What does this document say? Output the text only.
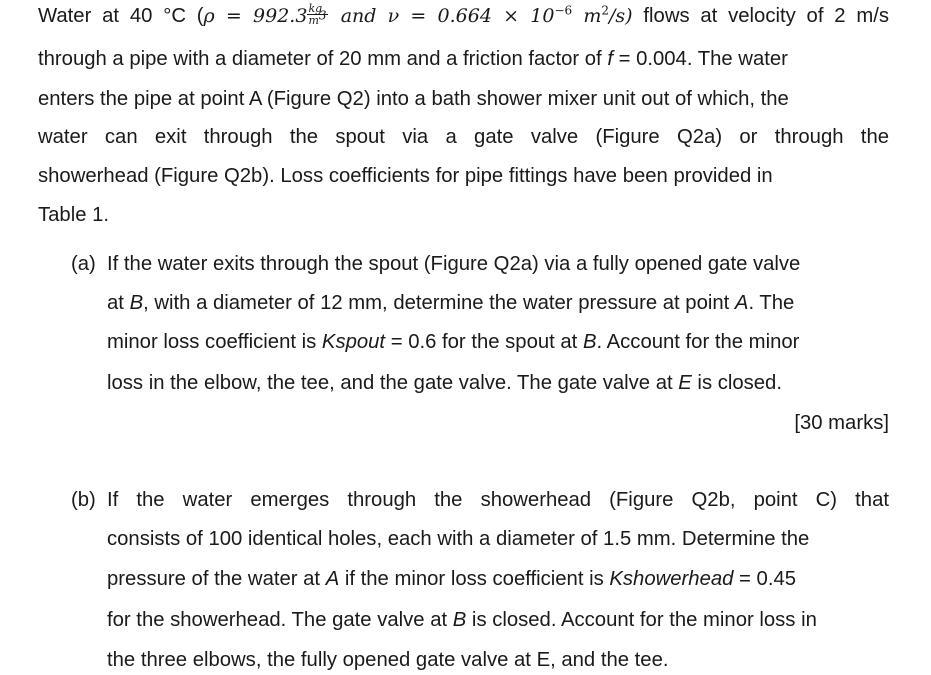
Water at 40 °C ($\rho = 992.3 \frac{kg}{m^3}$ and $\nu = 0.664 \times 10^{-6}$ $m^2/s$) flows at velocity of 2 m/s
through a pipe with a diameter of 20 mm and a friction factor of f = 0.004. The water
enters the pipe at point A (Figure Q2) into a bath shower mixer unit out of which, the
water can exit through the spout via a gate valve (Figure Q2a) or through the
showerhead (Figure Q2b). Loss coefficients for pipe fittings have been provided in
Table 1.
(a) If the water exits through the spout (Figure Q2a) via a fully opened gate valve
at B, with a diameter of 12 mm, determine the water pressure at point A. The
minor loss coefficient is Kspout = 0.6 for the spout at B. Account for the minor
loss in the elbow, the tee, and the gate valve. The gate valve at E is closed.
[30 marks]
(b) If the water emerges through the showerhead (Figure Q2b, point C) that
consists of 100 identical holes, each with a diameter of 1.5 mm. Determine the
pressure of the water at A if the minor loss coefficient is Kshowerhead = 0.45
for the showerhead. The gate valve at B is closed. Account for the minor loss in
the three elbows, the fully opened gate valve at E, and the tee.
